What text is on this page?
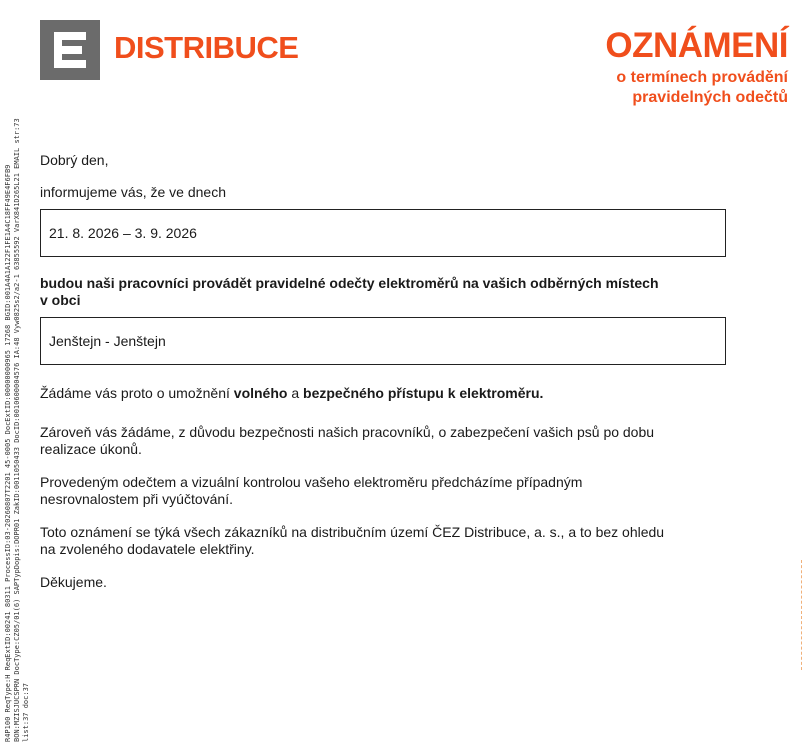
DISTRIBUCE	OZNÁMENÍ
o termínech provádění
pravidelných odečtů
R4P100 ReqType:H ReqExtID:00241 80311 ProcessID:03-20260807T2201 45-0005 DocExtID:00000000965 17268 BGID:001A4A1A122F1FE1A4C18FF49E4F6FB9 BON:MZISJUCSPRN DocType:CZ05/01(6) SAPTypDopis:DOPR01 ZakID:0011050433 DocID:0010600004576 IA:48 Vyw0825s2/a2-1 63855592 VarX841D265L21 EMAIL str:73 list:37 doc:37

Dobrý den,

informujeme vás, že ve dnech

21. 8. 2026 – 3. 9. 2026

budou naši pracovníci provádět pravidelné odečty elektroměrů na vašich odběrných místech
v obci

Jenštejn - Jenštejn

Žádáme vás proto o umožnění volného a bezpečného přístupu k elektroměru.

Zároveň vás žádáme, z důvodu bezpečnosti našich pracovníků, o zabezpečení vašich psů po dobu
realizace úkonů.

Provedeným odečtem a vizuální kontrolou vašeho elektroměru předcházíme případným
nesrovnalostem při vyúčtování.

Toto oznámení se týká všech zákazníků na distribučním území ČEZ Distribuce, a. s., a to bez ohledu
na zvoleného dodavatele elektřiny.

Děkujeme.
